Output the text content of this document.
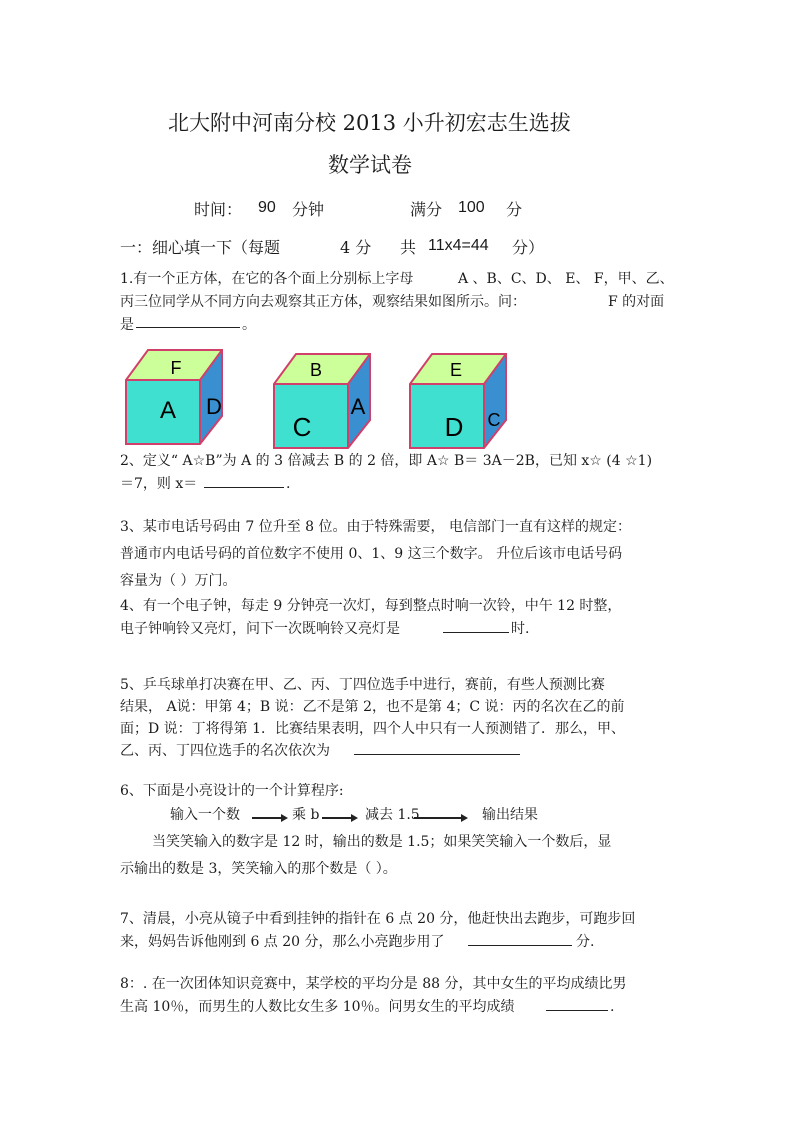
北大附中河南分校 2013 小升初宏志生选拔
数学试卷
时间： 90 分钟	满分 100 分
一：细心填一下（每题	4 分 共 11x4=44 分）
1.有一个正方体，在它的各个面上分别标上字母	A 、B、C、D、 E、 F，甲、乙、
丙三位同学从不同方向去观察其正方体，观察结果如图所示。问：	F 的对面
是	。
F
A D
B
C
A
E
D C
2、定义“ A☆B”为 A 的 3 倍减去 B 的 2 倍，即 A☆ B＝ 3A－2B，已知 x☆ (4 ☆1)
＝7，则 x＝	.
3、某市电话号码由 7 位升至 8 位。由于特殊需要， 电信部门一直有这样的规定：
普通市内电话号码的首位数字不使用 0、1、9 这三个数字。 升位后该市电话号码
容量为（ ）万门。
4、有一个电子钟，每走 9 分钟亮一次灯，每到整点时响一次铃，中午 12 时整，
电子钟响铃又亮灯，问下一次既响铃又亮灯是	时.
5、乒乓球单打决赛在甲、乙、丙、丁四位选手中进行，赛前，有些人预测比赛
结果， A说：甲第 4；B 说：乙不是第 2，也不是第 4；C 说：丙的名次在乙的前
面；D 说：丁将得第 1．比赛结果表明，四个人中只有一人预测错了．那么，甲、
乙、丙、丁四位选手的名次依次为
6、下面是小亮设计的一个计算程序:
输入一个数	乘 b	减去 1.5	输出结果
当笑笑输入的数字是 12 时，输出的数是 1.5；如果笑笑输入一个数后，显
示输出的数是 3，笑笑输入的那个数是（ ）。
7、清晨，小亮从镜子中看到挂钟的指针在 6 点 20 分，他赶快出去跑步，可跑步回
来，妈妈告诉他刚到 6 点 20 分，那么小亮跑步用了	分.
8：. 在一次团体知识竞赛中，某学校的平均分是 88 分，其中女生的平均成绩比男
生高 10％，而男生的人数比女生多 10％。问男女生的平均成绩	.
